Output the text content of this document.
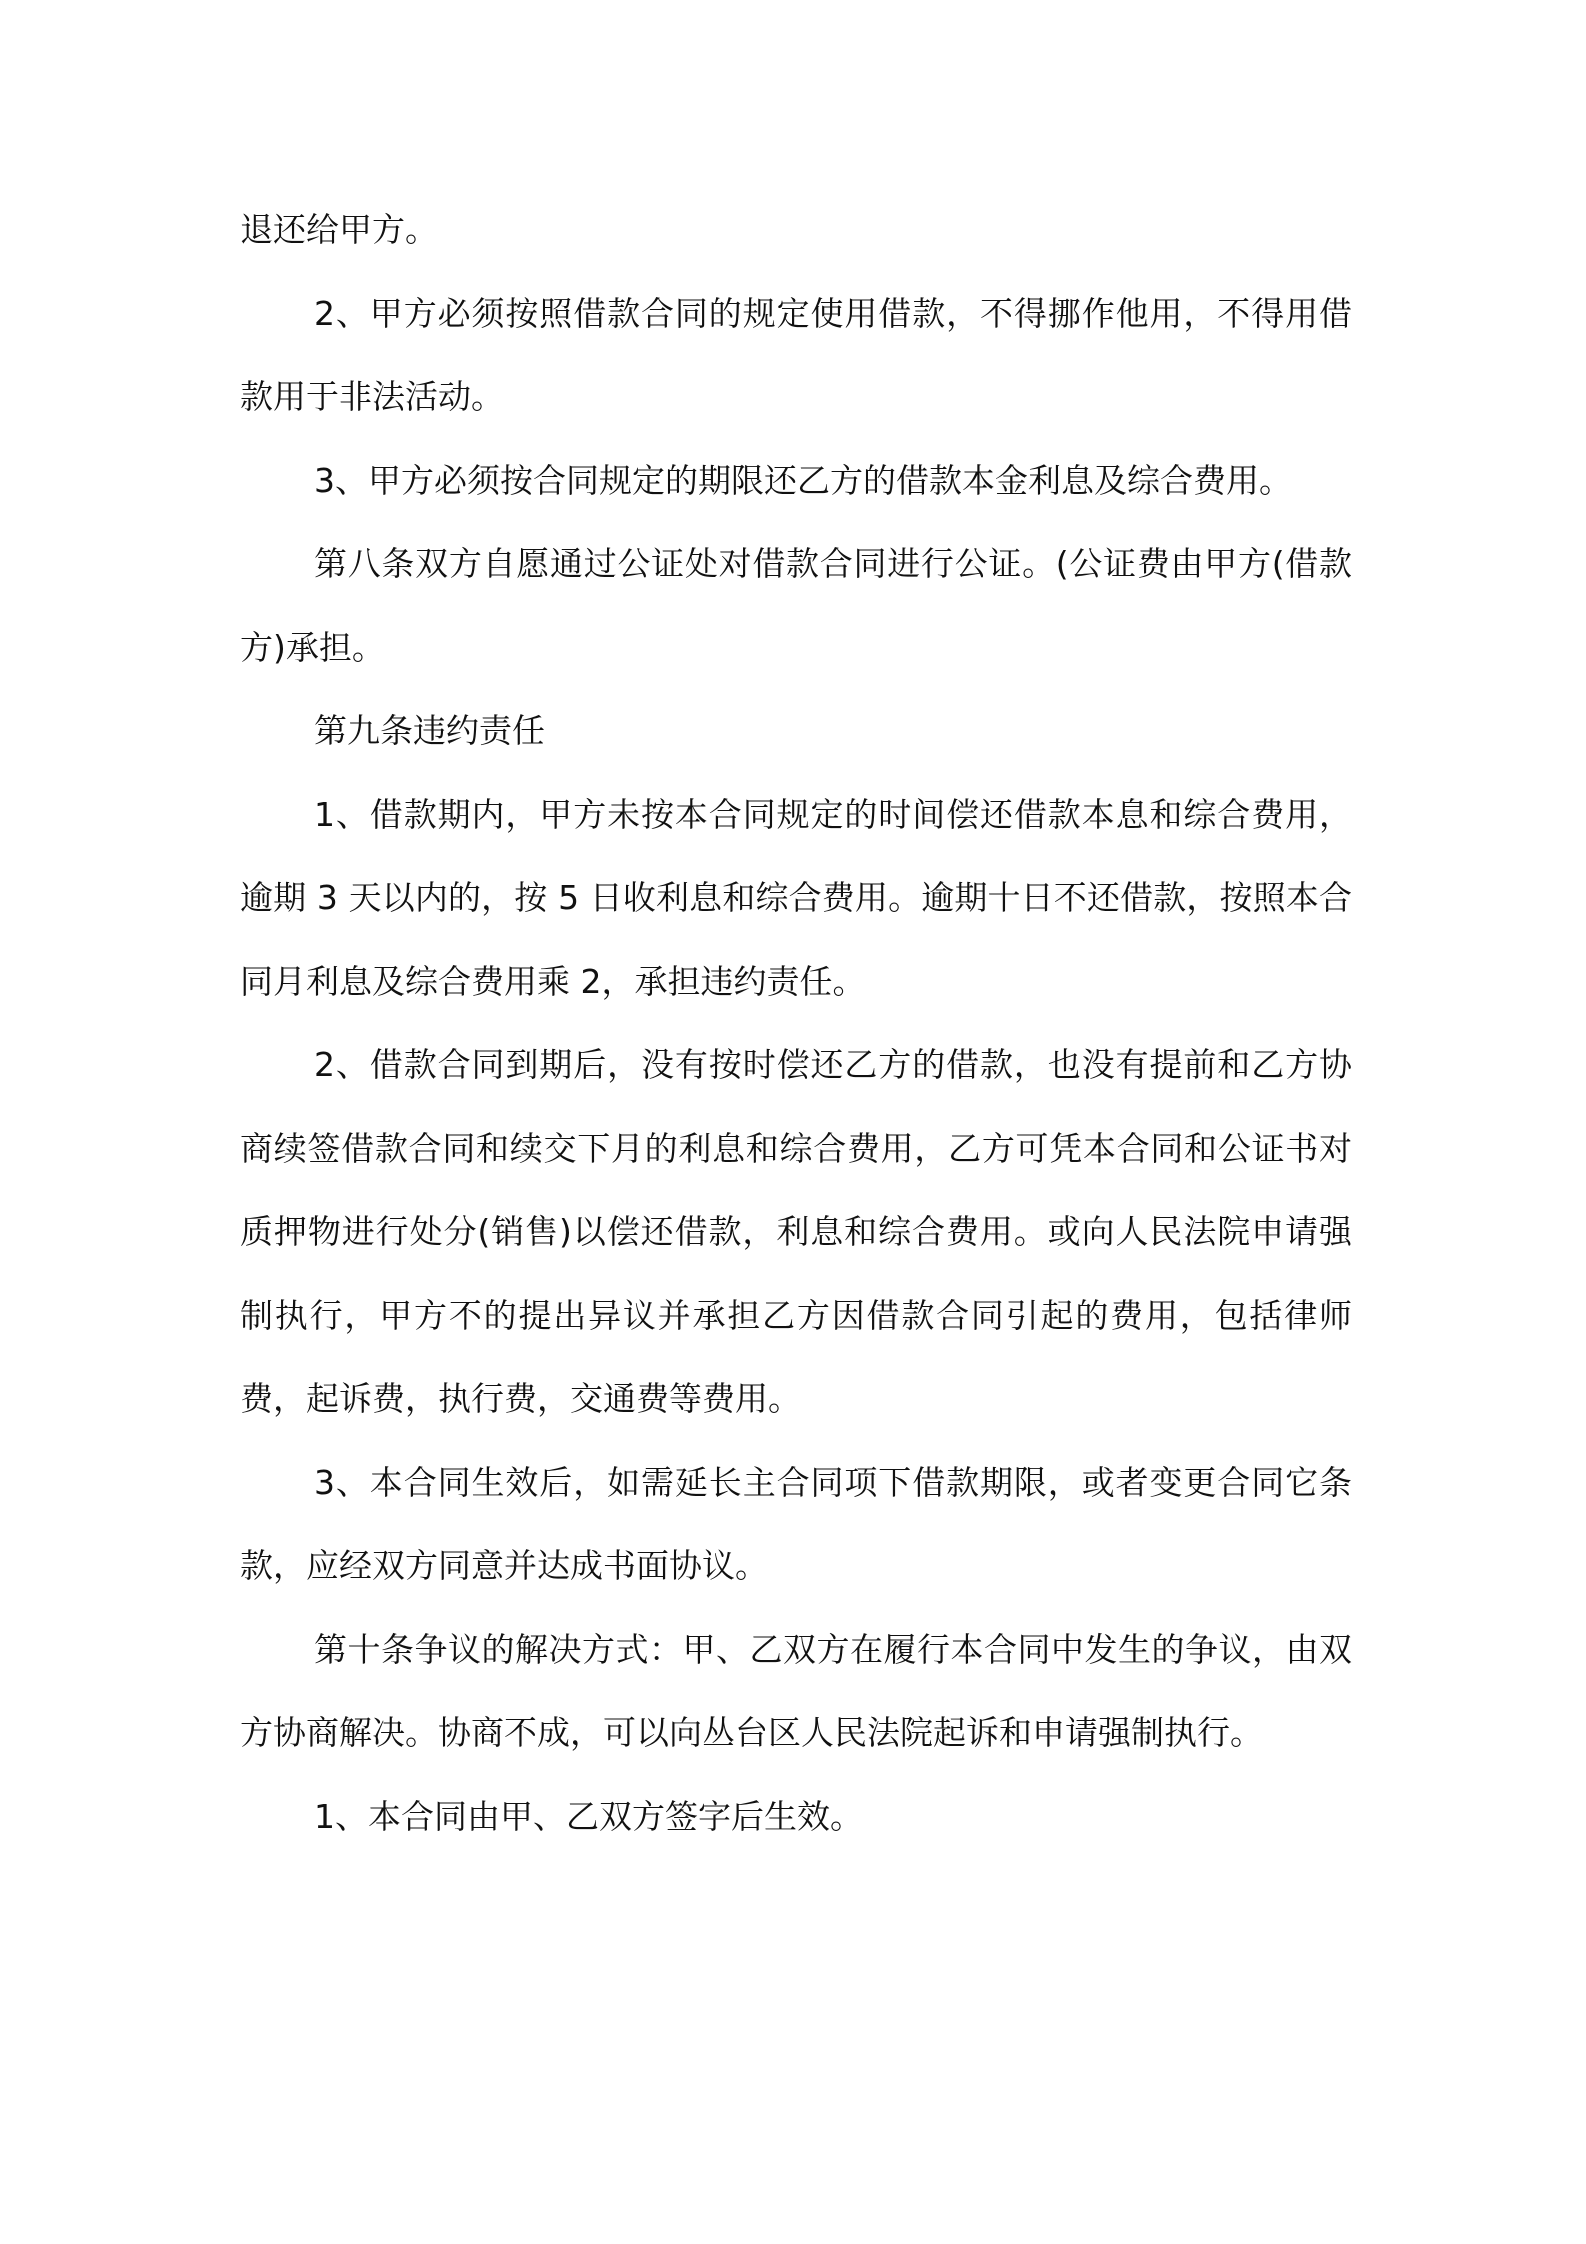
退还给甲方。

2、甲方必须按照借款合同的规定使用借款，不得挪作他用，不得用借款用于非法活动。

3、甲方必须按合同规定的期限还乙方的借款本金利息及综合费用。

第八条双方自愿通过公证处对借款合同进行公证。(公证费由甲方(借款方)承担。

第九条违约责任

1、借款期内，甲方未按本合同规定的时间偿还借款本息和综合费用，逾期 3 天以内的，按 5 日收利息和综合费用。逾期十日不还借款，按照本合同月利息及综合费用乘 2，承担违约责任。

2、借款合同到期后，没有按时偿还乙方的借款，也没有提前和乙方协商续签借款合同和续交下月的利息和综合费用，乙方可凭本合同和公证书对质押物进行处分(销售)以偿还借款，利息和综合费用。或向人民法院申请强制执行，甲方不的提出异议并承担乙方因借款合同引起的费用，包括律师费，起诉费，执行费，交通费等费用。

3、本合同生效后，如需延长主合同项下借款期限，或者变更合同它条款，应经双方同意并达成书面协议。

第十条争议的解决方式：甲、乙双方在履行本合同中发生的争议，由双方协商解决。协商不成，可以向丛台区人民法院起诉和申请强制执行。

1、本合同由甲、乙双方签字后生效。
